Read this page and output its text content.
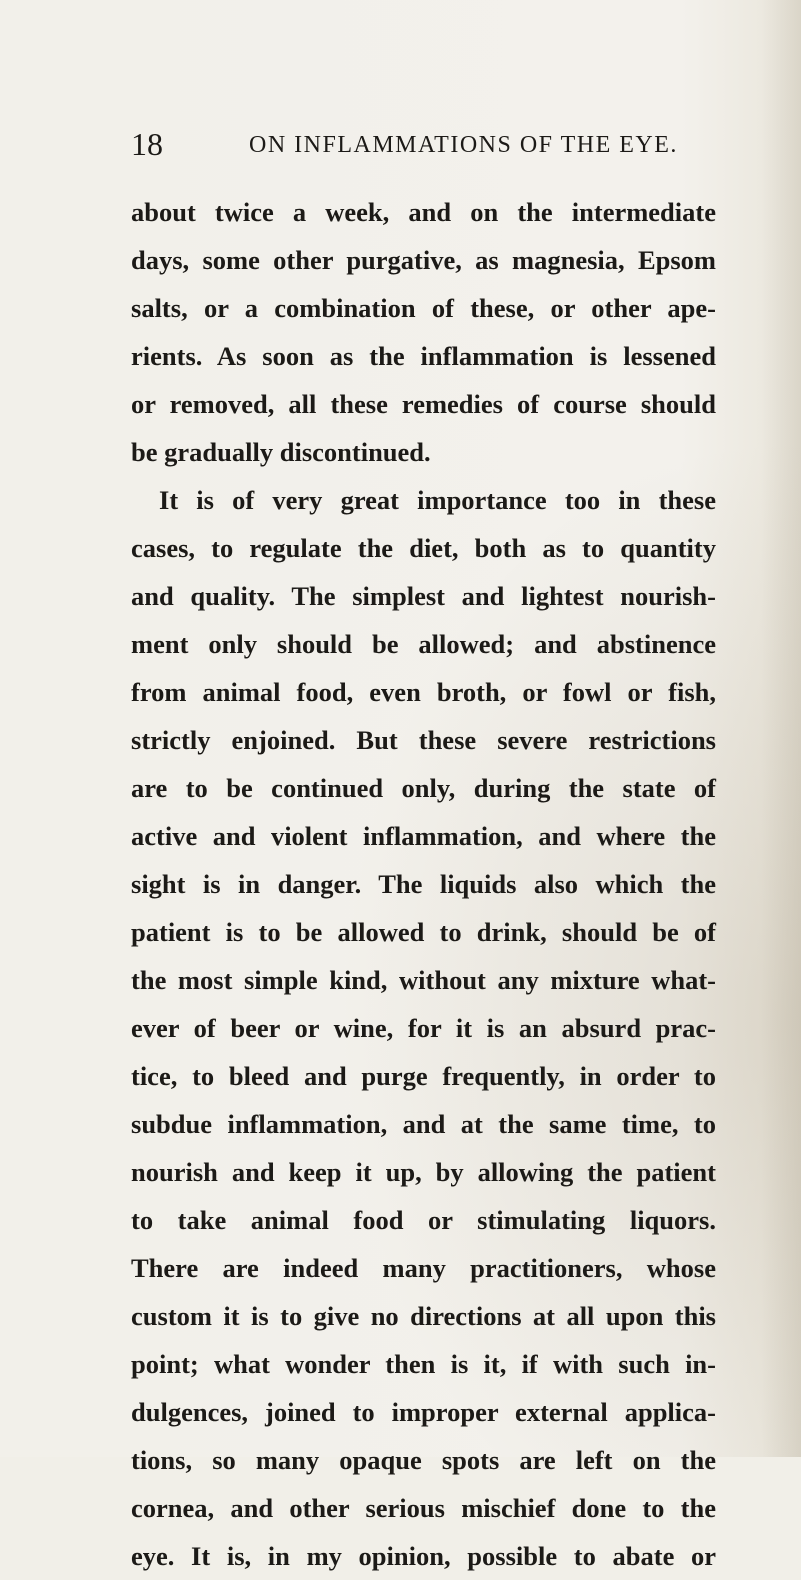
18	ON INFLAMMATIONS OF THE EYE.
about twice a week, and on the intermediate
days, some other purgative, as magnesia, Epsom
salts, or a combination of these, or other ape-
rients. As soon as the inflammation is lessened
or removed, all these remedies of course should
be gradually discontinued.
It is of very great importance too in these
cases, to regulate the diet, both as to quantity
and quality. The simplest and lightest nourish-
ment only should be allowed; and abstinence
from animal food, even broth, or fowl or fish,
strictly enjoined. But these severe restrictions
are to be continued only, during the state of
active and violent inflammation, and where the
sight is in danger. The liquids also which the
patient is to be allowed to drink, should be of
the most simple kind, without any mixture what-
ever of beer or wine, for it is an absurd prac-
tice, to bleed and purge frequently, in order to
subdue inflammation, and at the same time, to
nourish and keep it up, by allowing the patient
to take animal food or stimulating liquors.
There are indeed many practitioners, whose
custom it is to give no directions at all upon this
point; what wonder then is it, if with such in-
dulgences, joined to improper external applica-
tions, so many opaque spots are left on the
cornea, and other serious mischief done to the
eye. It is, in my opinion, possible to abate or
